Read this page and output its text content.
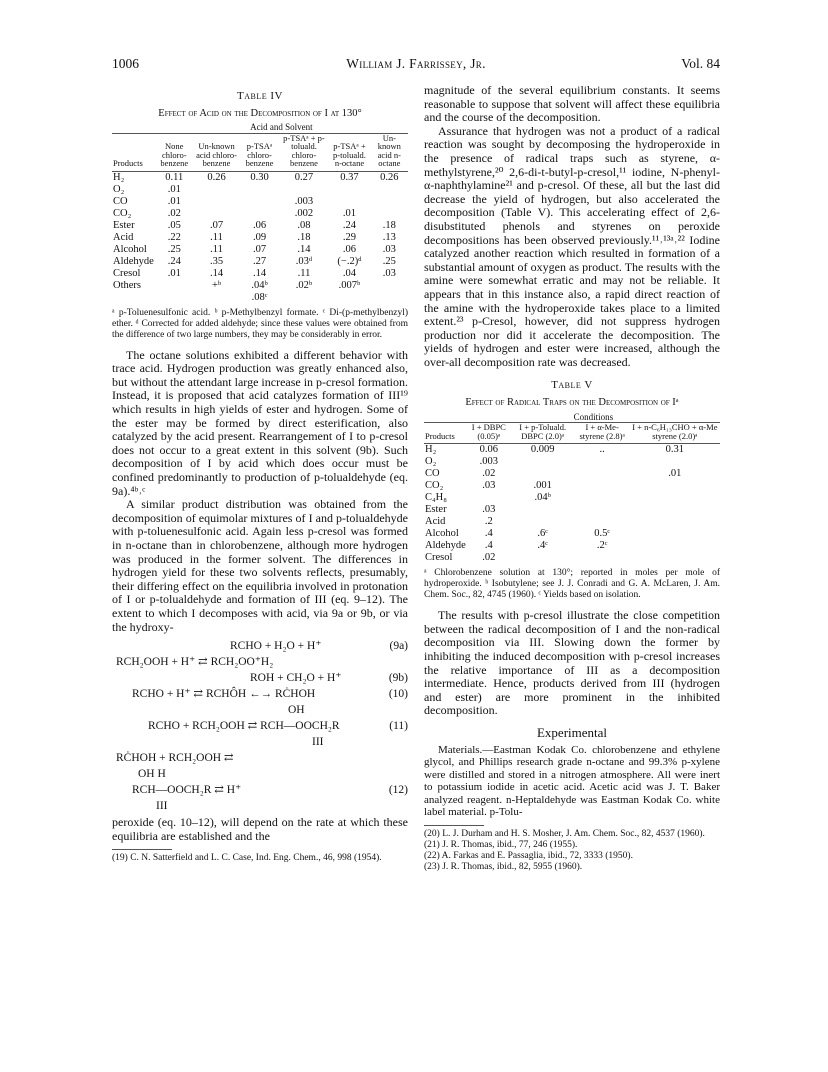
1006	William J. Farrissey, Jr.	Vol. 84
Table IV
Effect of Acid on the Decomposition of I at 130°
	Acid and Solvent					
Products	None chloro-benzene	Un-known acid chloro-benzene	p-TSAᵃ chloro-benzene	p-TSAᵃ + p-toluald. chloro-benzene	p-TSAᵃ + p-toluald. n-octane	Un-known acid n-octane
H₂	0.11	0.26	0.30	0.27	0.37	0.26
O₂	.01					
CO	.01			.003		
CO₂	.02			.002	.01	
Ester	.05	.07	.06	.08	.24	.18
Acid	.22	.11	.09	.18	.29	.13
Alcohol	.25	.11	.07	.14	.06	.03
Aldehyde	.24	.35	.27	.03ᵈ	(−.2)ᵈ	.25
Cresol	.01	.14	.14	.11	.04	.03
Others		+ᵇ	.04ᵇ	.02ᵇ	.007ᵇ	
			.08ᶜ			
ᵃ p-Toluenesulfonic acid. ᵇ p-Methylbenzyl formate. ᶜ Di-(p-methylbenzyl) ether. ᵈ Corrected for added aldehyde; since these values were obtained from the difference of two large numbers, they may be considerably in error.

The octane solutions exhibited a different behavior with trace acid. Hydrogen production was greatly enhanced also, but without the attendant large increase in p-cresol formation. Instead, it is proposed that acid catalyzes formation of III¹⁹ which results in high yields of ester and hydrogen. Some of the ester may be formed by direct esterification, also catalyzed by the acid present. Rearrangement of I to p-cresol does not occur to a great extent in this solvent (9b). Such decomposition of I by acid which does occur must be confined predominantly to production of p-tolualdehyde (eq. 9a).⁴ᵇ˒ᶜ

A similar product distribution was obtained from the decomposition of equimolar mixtures of I and p-tolualdehyde with p-toluenesulfonic acid. Again less p-cresol was formed in n-octane than in chlorobenzene, although more hydrogen was produced in the former solvent. The differences in hydrogen yield for these two solvents reflects, presumably, their differing effect on the equilibria involved in protonation of I or p-tolualdehyde and formation of III (eq. 9–12). The extent to which I decomposes with acid, via 9a or 9b, or via the hydroxy-

RCHO + H₂O + H⁺	(9a)
RCH₂OOH + H⁺ ⇄ RCH₂OO⁺H₂
ROH + CH₂O + H⁺	(9b)
RCHO + H⁺ ⇄ RCHÔH ←→ RĊHOH	(10)
OH
RCHO + RCH₂OOH ⇄ RCH—OOCH₂R	(11)
III
RĊHOH + RCH₂OOH ⇄
OH H
RCH—OOCH₂R ⇄ H⁺	(12)
III

peroxide (eq. 10–12), will depend on the rate at which these equilibria are established and the

(19) C. N. Satterfield and L. C. Case, Ind. Eng. Chem., 46, 998 (1954).

magnitude of the several equilibrium constants. It seems reasonable to suppose that solvent will affect these equilibria and the course of the decomposition.

Assurance that hydrogen was not a product of a radical reaction was sought by decomposing the hydroperoxide in the presence of radical traps such as styrene, α-methylstyrene,²⁰ 2,6-di-t-butyl-p-cresol,¹¹ iodine, N-phenyl-α-naphthylamine²¹ and p-cresol. Of these, all but the last did decrease the yield of hydrogen, but also accelerated the decomposition (Table V). This accelerating effect of 2,6-disubstituted phenols and styrenes on peroxide decompositions has been observed previously.¹¹˒¹³ᵃ˒²² Iodine catalyzed another reaction which resulted in formation of a substantial amount of oxygen as product. The results with the amine were somewhat erratic and may not be reliable. It appears that in this instance also, a rapid direct reaction of the amine with the hydroperoxide takes place to a limited extent.²³ p-Cresol, however, did not suppress hydrogen production nor did it accelerate the decomposition. The yields of hydrogen and ester were increased, although the over-all decomposition rate was decreased.

Table V
Effect of Radical Traps on the Decomposition of Iᵃ
	Conditions			
Products	I + DBPC (0.05)ᵃ	I + p-Toluald. DBPC (2.0)ᵃ	I + α-Me-styrene (2.8)ᵃ	I + n-C₆H₁₃CHO + α-Me styrene (2.0)ᵃ
H₂	0.06	0.009	..	0.31
O₂	.003			
CO	.02			.01
CO₂	.03	.001		
C₄H₈		.04ᵇ		
Ester	.03			
Acid	.2			
Alcohol	.4	.6ᶜ	0.5ᶜ	
Aldehyde	.4	.4ᶜ	.2ᶜ	
Cresol	.02			
ᵃ Chlorobenzene solution at 130°; reported in moles per mole of hydroperoxide. ᵇ Isobutylene; see J. J. Conradi and G. A. McLaren, J. Am. Chem. Soc., 82, 4745 (1960). ᶜ Yields based on isolation.

The results with p-cresol illustrate the close competition between the radical decomposition of I and the non-radical decomposition via III. Slowing down the former by inhibiting the induced decomposition with p-cresol increases the relative importance of III as a decomposition intermediate. Hence, products derived from III (hydrogen and ester) are more prominent in the inhibited decomposition.

Experimental

Materials.—Eastman Kodak Co. chlorobenzene and ethylene glycol, and Phillips research grade n-octane and 99.3% p-xylene were distilled and stored in a nitrogen atmosphere. All were inert to potassium iodide in acetic acid. Acetic acid was J. T. Baker analyzed reagent. n-Heptaldehyde was Eastman Kodak Co. white label material. p-Tolu-

(20) L. J. Durham and H. S. Mosher, J. Am. Chem. Soc., 82, 4537 (1960).
(21) J. R. Thomas, ibid., 77, 246 (1955).
(22) A. Farkas and E. Passaglia, ibid., 72, 3333 (1950).
(23) J. R. Thomas, ibid., 82, 5955 (1960).
